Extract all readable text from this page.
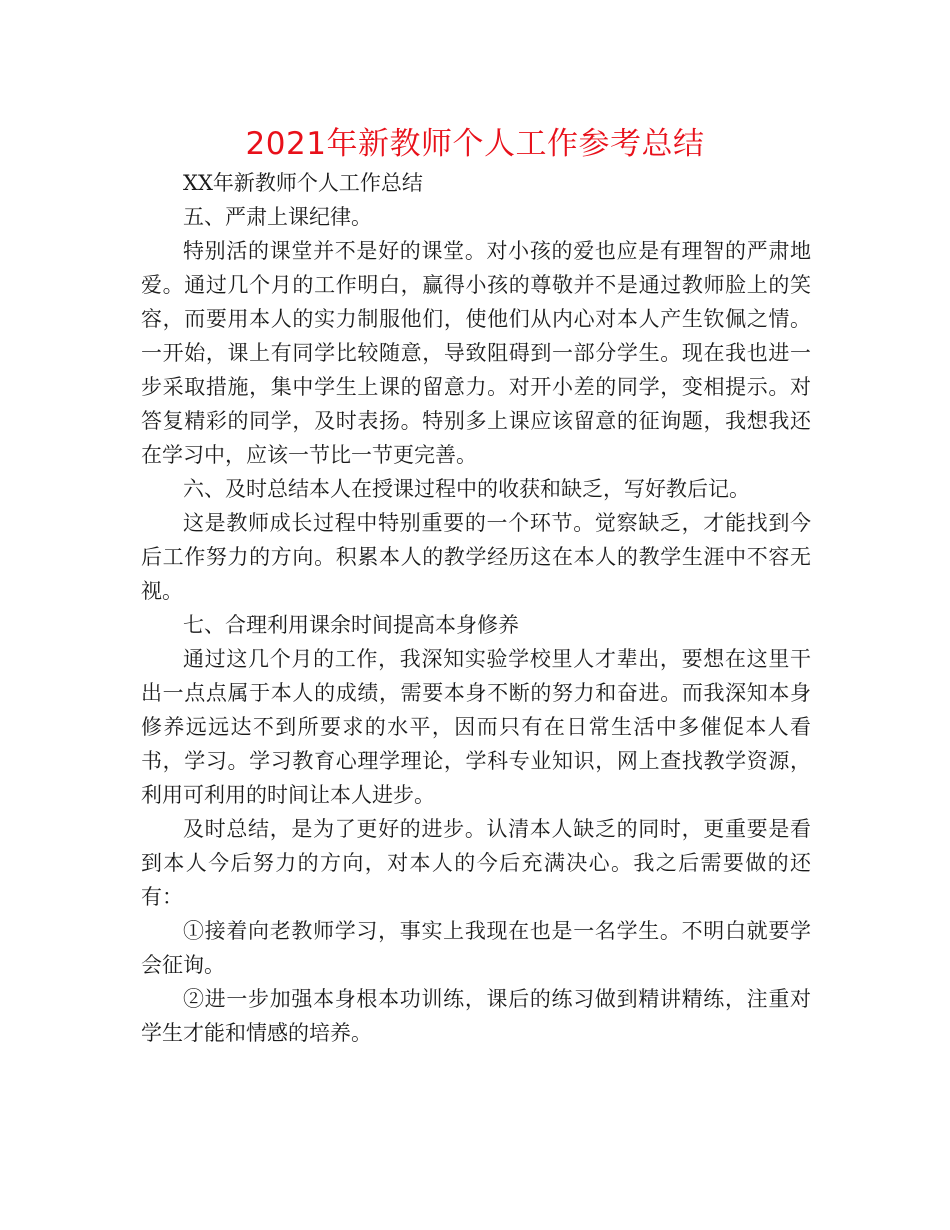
2021年新教师个人工作参考总结

XX年新教师个人工作总结

五、严肃上课纪律。

特别活的课堂并不是好的课堂。对小孩的爱也应是有理智的严肃地爱。通过几个月的工作明白，赢得小孩的尊敬并不是通过教师脸上的笑容，而要用本人的实力制服他们，使他们从内心对本人产生钦佩之情。一开始，课上有同学比较随意，导致阻碍到一部分学生。现在我也进一步采取措施，集中学生上课的留意力。对开小差的同学，变相提示。对答复精彩的同学，及时表扬。特别多上课应该留意的征询题，我想我还在学习中，应该一节比一节更完善。

六、及时总结本人在授课过程中的收获和缺乏，写好教后记。

这是教师成长过程中特别重要的一个环节。觉察缺乏，才能找到今后工作努力的方向。积累本人的教学经历这在本人的教学生涯中不容无视。

七、合理利用课余时间提高本身修养

通过这几个月的工作，我深知实验学校里人才辈出，要想在这里干出一点点属于本人的成绩，需要本身不断的努力和奋进。而我深知本身修养远远达不到所要求的水平，因而只有在日常生活中多催促本人看书，学习。学习教育心理学理论，学科专业知识，网上查找教学资源，利用可利用的时间让本人进步。

及时总结，是为了更好的进步。认清本人缺乏的同时，更重要是看到本人今后努力的方向，对本人的今后充满决心。我之后需要做的还有：

①接着向老教师学习，事实上我现在也是一名学生。不明白就要学会征询。

②进一步加强本身根本功训练，课后的练习做到精讲精练，注重对学生才能和情感的培养。
